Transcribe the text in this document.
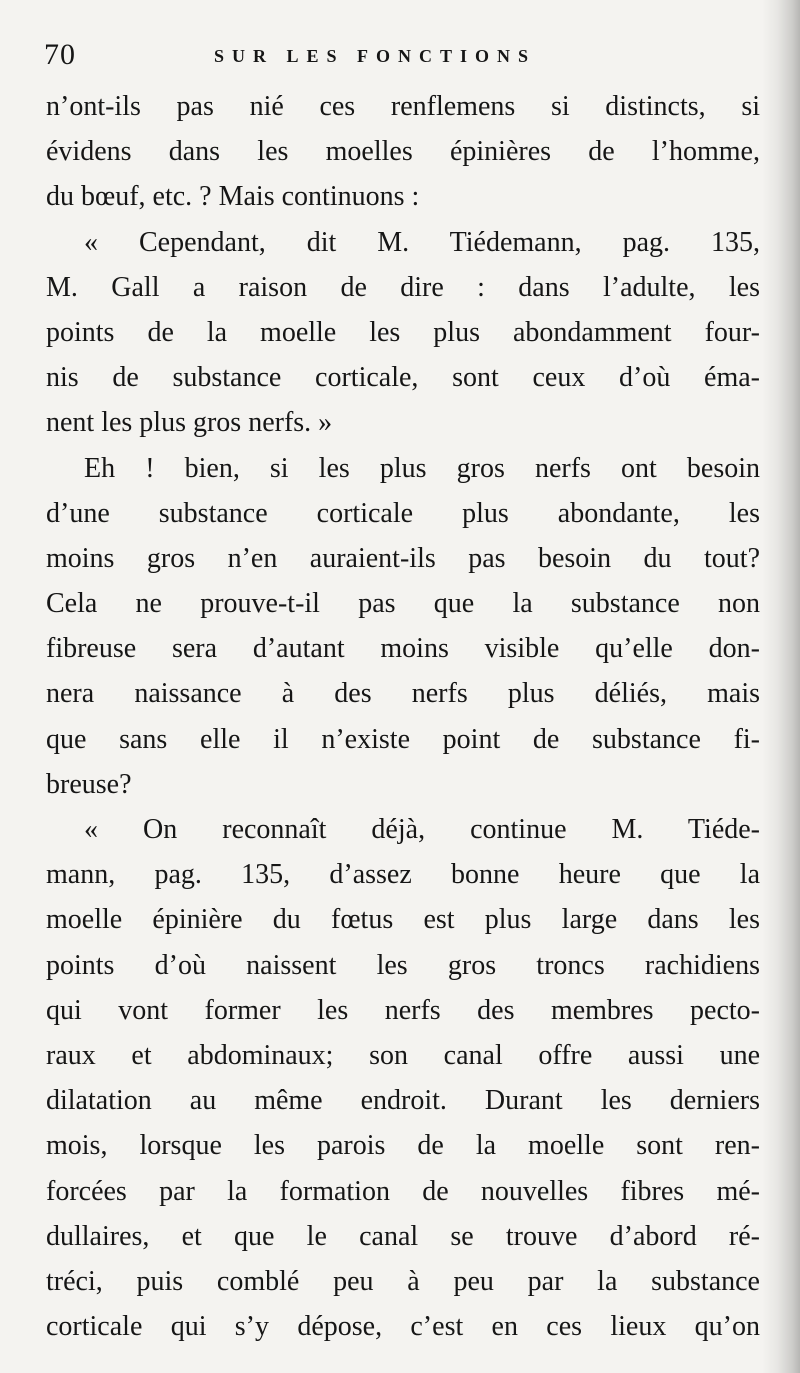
70	SUR LES FONCTIONS
n’ont-ils pas nié ces renflemens si distincts, si
évidens dans les moelles épinières de l’homme,
du bœuf, etc. ? Mais continuons :
« Cependant, dit M. Tiédemann, pag. 135,
M. Gall a raison de dire : dans l’adulte, les
points de la moelle les plus abondamment four-
nis de substance corticale, sont ceux d’où éma-
nent les plus gros nerfs. »
Eh ! bien, si les plus gros nerfs ont besoin
d’une substance corticale plus abondante, les
moins gros n’en auraient-ils pas besoin du tout?
Cela ne prouve-t-il pas que la substance non
fibreuse sera d’autant moins visible qu’elle don-
nera naissance à des nerfs plus déliés, mais
que sans elle il n’existe point de substance fi-
breuse?
« On reconnaît déjà, continue M. Tiéde-
mann, pag. 135, d’assez bonne heure que la
moelle épinière du fœtus est plus large dans les
points d’où naissent les gros troncs rachidiens
qui vont former les nerfs des membres pecto-
raux et abdominaux; son canal offre aussi une
dilatation au même endroit. Durant les derniers
mois, lorsque les parois de la moelle sont ren-
forcées par la formation de nouvelles fibres mé-
dullaires, et que le canal se trouve d’abord ré-
tréci, puis comblé peu à peu par la substance
corticale qui s’y dépose, c’est en ces lieux qu’on
